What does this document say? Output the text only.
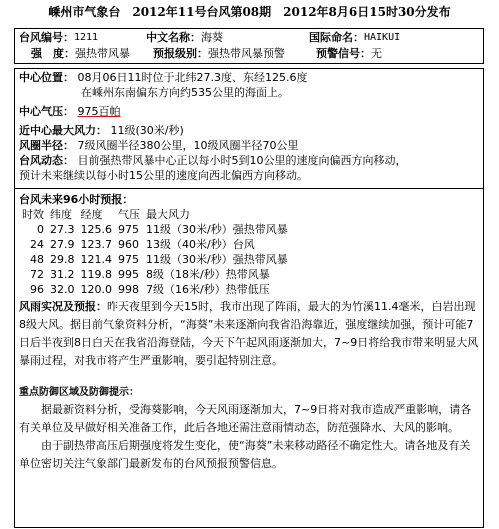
嵊州市气象台　2012年11号台风第08期　2012年8月6日15时30分发布
台风编号： 1211	中文名称： 海葵	国际命名： HAIKUI
强　度： 强热带风暴	预报级别： 强热带风暴预警	预警信号： 无
中心位置： 08月06日11时位于北纬27.3度、东经125.6度
在嵊州东南偏东方向约535公里的海面上。
中心气压： 975百帕
近中心最大风力： 11级(30米/秒)
风圈半径： 7级风圈半径380公里，10级风圈半径70公里
台风动态： 目前强热带风暴中心正以每小时5到10公里的速度向偏西方向移动，
预计未来继续以每小时15公里的速度向西北偏西方向移动。
台风未来96小时预报：
时效	纬度	经度	气压	最大风力
0	27.3	125.6	975	11级（30米/秒）强热带风暴
24	27.9	123.7	960	13级（40米/秒）台风
48	29.8	121.4	975	11级（30米/秒）强热带风暴
72	31.2	119.8	995	8级（18米/秒）热带风暴
96	32.0	120.0	998	7级（16米/秒）热带低压
风雨实况及预报：昨天夜里到今天15时，我市出现了阵雨，最大的为竹溪11.4毫米，白岩出现8级大风。据目前气象资料分析，“海葵”未来逐渐向我省沿海靠近，强度继续加强，预计可能7日后半夜到8日白天在我省沿海登陆，今天下午起风雨逐渐加大，7~9日将给我市带来明显大风暴雨过程，对我市将产生严重影响，要引起特别注意。
重点防御区域及防御提示：
据最新资料分析，受海葵影响，今天风雨逐渐加大，7~9日将对我市造成严重影响，请各有关单位及早做好相关准备工作，此后各地还需注意雨情动态，防范强降水、大风的影响。
由于副热带高压后期强度将发生变化，使“海葵”未来移动路径不确定性大。请各地及有关单位密切关注气象部门最新发布的台风预报预警信息。
